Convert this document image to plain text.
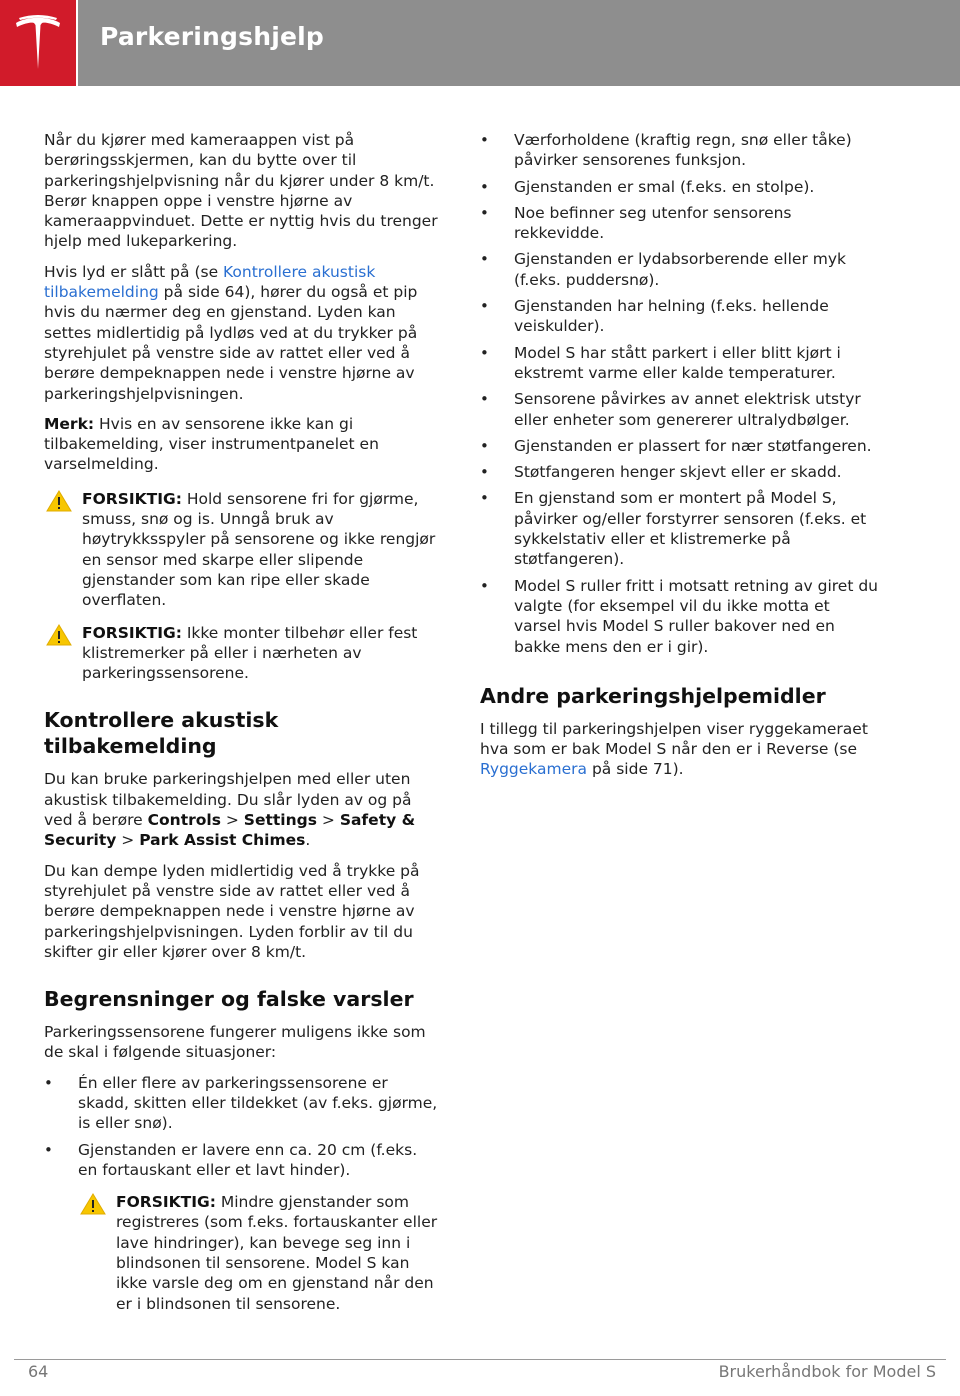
Parkeringshjelp

Når du kjører med kameraappen vist på berøringsskjermen, kan du bytte over til parkeringshjelpvisning når du kjører under 8 km/t. Berør knappen oppe i venstre hjørne av kameraappvinduet. Dette er nyttig hvis du trenger hjelp med lukeparkering.

Hvis lyd er slått på (se Kontrollere akustisk tilbakemelding på side 64), hører du også et pip hvis du nærmer deg en gjenstand. Lyden kan settes midlertidig på lydløs ved at du trykker på styrehjulet på venstre side av rattet eller ved å berøre dempeknappen nede i venstre hjørne av parkeringshjelpvisningen.

Merk: Hvis en av sensorene ikke kan gi tilbakemelding, viser instrumentpanelet en varselmelding.

FORSIKTIG: Hold sensorene fri for gjørme, smuss, snø og is. Unngå bruk av høytrykksspyler på sensorene og ikke rengjør en sensor med skarpe eller slipende gjenstander som kan ripe eller skade overflaten.
FORSIKTIG: Ikke monter tilbehør eller fest klistremerker på eller i nærheten av parkeringssensorene.
Kontrollere akustisk tilbakemelding

Du kan bruke parkeringshjelpen med eller uten akustisk tilbakemelding. Du slår lyden av og på ved å berøre Controls > Settings > Safety & Security > Park Assist Chimes.

Du kan dempe lyden midlertidig ved å trykke på styrehjulet på venstre side av rattet eller ved å berøre dempeknappen nede i venstre hjørne av parkeringshjelpvisningen. Lyden forblir av til du skifter gir eller kjører over 8 km/t.

Begrensninger og falske varsler

Parkeringssensorene fungerer muligens ikke som de skal i følgende situasjoner:

• Én eller flere av parkeringssensorene er skadd, skitten eller tildekket (av f.eks. gjørme, is eller snø).
• Gjenstanden er lavere enn ca. 20 cm (f.eks. en fortauskant eller et lavt hinder).
FORSIKTIG: Mindre gjenstander som registreres (som f.eks. fortauskanter eller lave hindringer), kan bevege seg inn i blindsonen til sensorene. Model S kan ikke varsle deg om en gjenstand når den er i blindsonen til sensorene.
• Værforholdene (kraftig regn, snø eller tåke) påvirker sensorenes funksjon.
• Gjenstanden er smal (f.eks. en stolpe).
• Noe befinner seg utenfor sensorens rekkevidde.
• Gjenstanden er lydabsorberende eller myk (f.eks. puddersnø).
• Gjenstanden har helning (f.eks. hellende veiskulder).
• Model S har stått parkert i eller blitt kjørt i ekstremt varme eller kalde temperaturer.
• Sensorene påvirkes av annet elektrisk utstyr eller enheter som genererer ultralydbølger.
• Gjenstanden er plassert for nær støtfangeren.
• Støtfangeren henger skjevt eller er skadd.
• En gjenstand som er montert på Model S, påvirker og/eller forstyrrer sensoren (f.eks. et sykkelstativ eller et klistremerke på støtfangeren).
• Model S ruller fritt i motsatt retning av giret du valgte (for eksempel vil du ikke motta et varsel hvis Model S ruller bakover ned en bakke mens den er i gir).
Andre parkeringshjelpemidler

I tillegg til parkeringshjelpen viser ryggekameraet hva som er bak Model S når den er i Reverse (se Ryggekamera på side 71).

64	Brukerhåndbok for Model S
